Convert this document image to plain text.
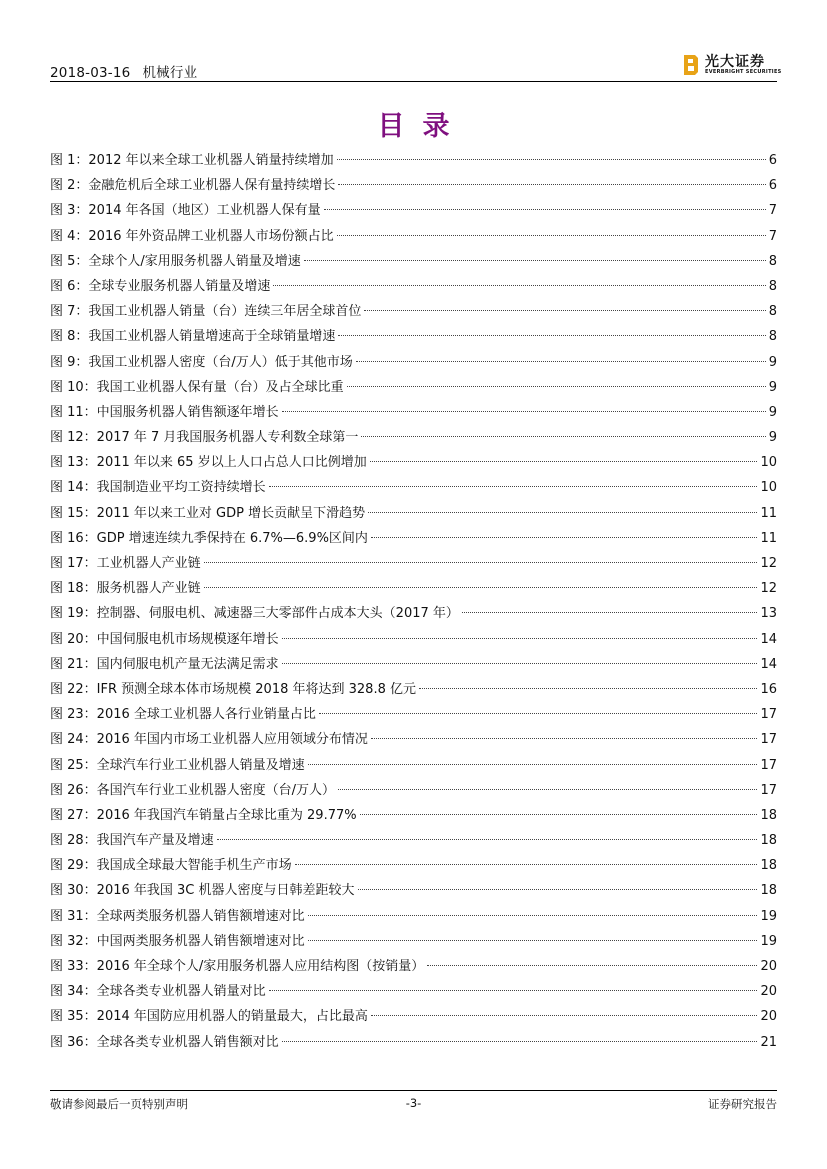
2018-03-16 机械行业
光大证券
EVERBRIGHT SECURITIES
目录
图 1：2012 年以来全球工业机器人销量持续增加	6
图 2：金融危机后全球工业机器人保有量持续增长	6
图 3：2014 年各国（地区）工业机器人保有量	7
图 4：2016 年外资品牌工业机器人市场份额占比	7
图 5：全球个人/家用服务机器人销量及增速	8
图 6：全球专业服务机器人销量及增速	8
图 7：我国工业机器人销量（台）连续三年居全球首位	8
图 8：我国工业机器人销量增速高于全球销量增速	8
图 9：我国工业机器人密度（台/万人）低于其他市场	9
图 10：我国工业机器人保有量（台）及占全球比重	9
图 11：中国服务机器人销售额逐年增长	9
图 12：2017 年 7 月我国服务机器人专利数全球第一	9
图 13：2011 年以来 65 岁以上人口占总人口比例增加	10
图 14：我国制造业平均工资持续增长	10
图 15：2011 年以来工业对 GDP 增长贡献呈下滑趋势	11
图 16：GDP 增速连续九季保持在 6.7%—6.9%区间内	11
图 17：工业机器人产业链	12
图 18：服务机器人产业链	12
图 19：控制器、伺服电机、减速器三大零部件占成本大头（2017 年）	13
图 20：中国伺服电机市场规模逐年增长	14
图 21：国内伺服电机产量无法满足需求	14
图 22：IFR 预测全球本体市场规模 2018 年将达到 328.8 亿元	16
图 23：2016 全球工业机器人各行业销量占比	17
图 24：2016 年国内市场工业机器人应用领域分布情况	17
图 25：全球汽车行业工业机器人销量及增速	17
图 26：各国汽车行业工业机器人密度（台/万人）	17
图 27：2016 年我国汽车销量占全球比重为 29.77%	18
图 28：我国汽车产量及增速	18
图 29：我国成全球最大智能手机生产市场	18
图 30：2016 年我国 3C 机器人密度与日韩差距较大	18
图 31：全球两类服务机器人销售额增速对比	19
图 32：中国两类服务机器人销售额增速对比	19
图 33：2016 年全球个人/家用服务机器人应用结构图（按销量）	20
图 34：全球各类专业机器人销量对比	20
图 35：2014 年国防应用机器人的销量最大，占比最高	20
图 36：全球各类专业机器人销售额对比	21
敬请参阅最后一页特别声明	-3-	证券研究报告
